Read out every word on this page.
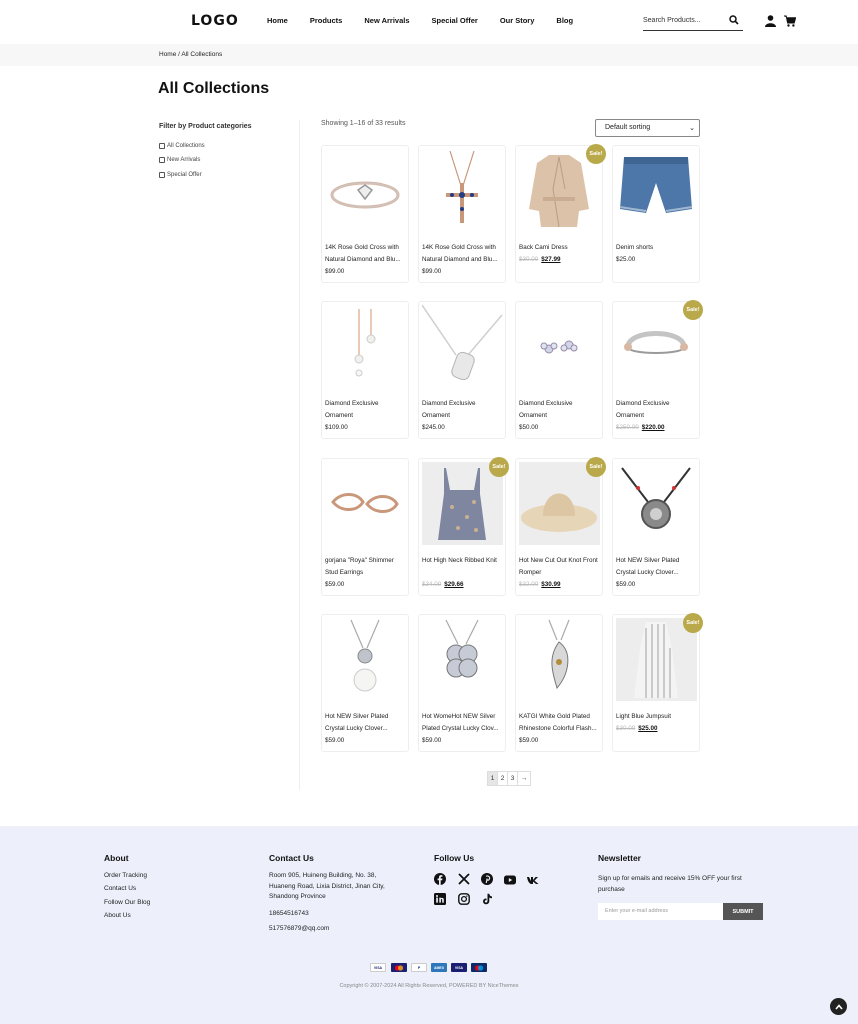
LOGO	Home	Products	New Arrivals	Special Offer	Our Story	Blog	Search Products...
Home / All Collections
All Collections
Filter by Product categories
All Collections
New Arrivals
Special Offer
Showing 1–16 of 33 results
Default sorting	⌄
14K Rose Gold Cross with Natural Diamond and Blu...
$99.00
14K Rose Gold Cross with Natural Diamond and Blu...
$99.00
Sale!
Back Cami Dress
$30.00 $27.99
Denim shorts
$25.00
Diamond Exclusive Ornament
$109.00
Diamond Exclusive Ornament
$245.00
Diamond Exclusive Ornament
$50.00
Sale!
Diamond Exclusive Ornament
$250.00 $220.00
gorjana "Roya" Shimmer Stud Earrings
$59.00
Sale!
Hot High Neck Ribbed Knit
$34.00 $29.66
Sale!
Hot New Cut Out Knot Front Romper
$32.00 $30.99
Hot NEW Silver Plated Crystal Lucky Clover...
$59.00
Hot NEW Silver Plated Crystal Lucky Clover...
$59.00
Hot WomeHot NEW Silver Plated Crystal Lucky Clov...
$59.00
KATGI White Gold Plated Rhinestone Colorful Flash...
$59.00
Sale!
Light Blue Jumpsuit
$30.00 $25.00
1 2 3 →
About
Order Tracking
Contact Us
Follow Our Blog
About Us
Contact Us
Room 905, Huineng Building, No. 38, Huaneng Road, Lixia District, Jinan City, Shandong Province
18654516743
517576879@qq.com
Follow Us	Newsletter
Sign up for emails and receive 15% OFF your first purchase
Enter your e-mail address	SUBMIT
VISA	P	AMEX	VISA
Copyright © 2007-2024 All Rights Reserved, POWERED BY NiceThemes
